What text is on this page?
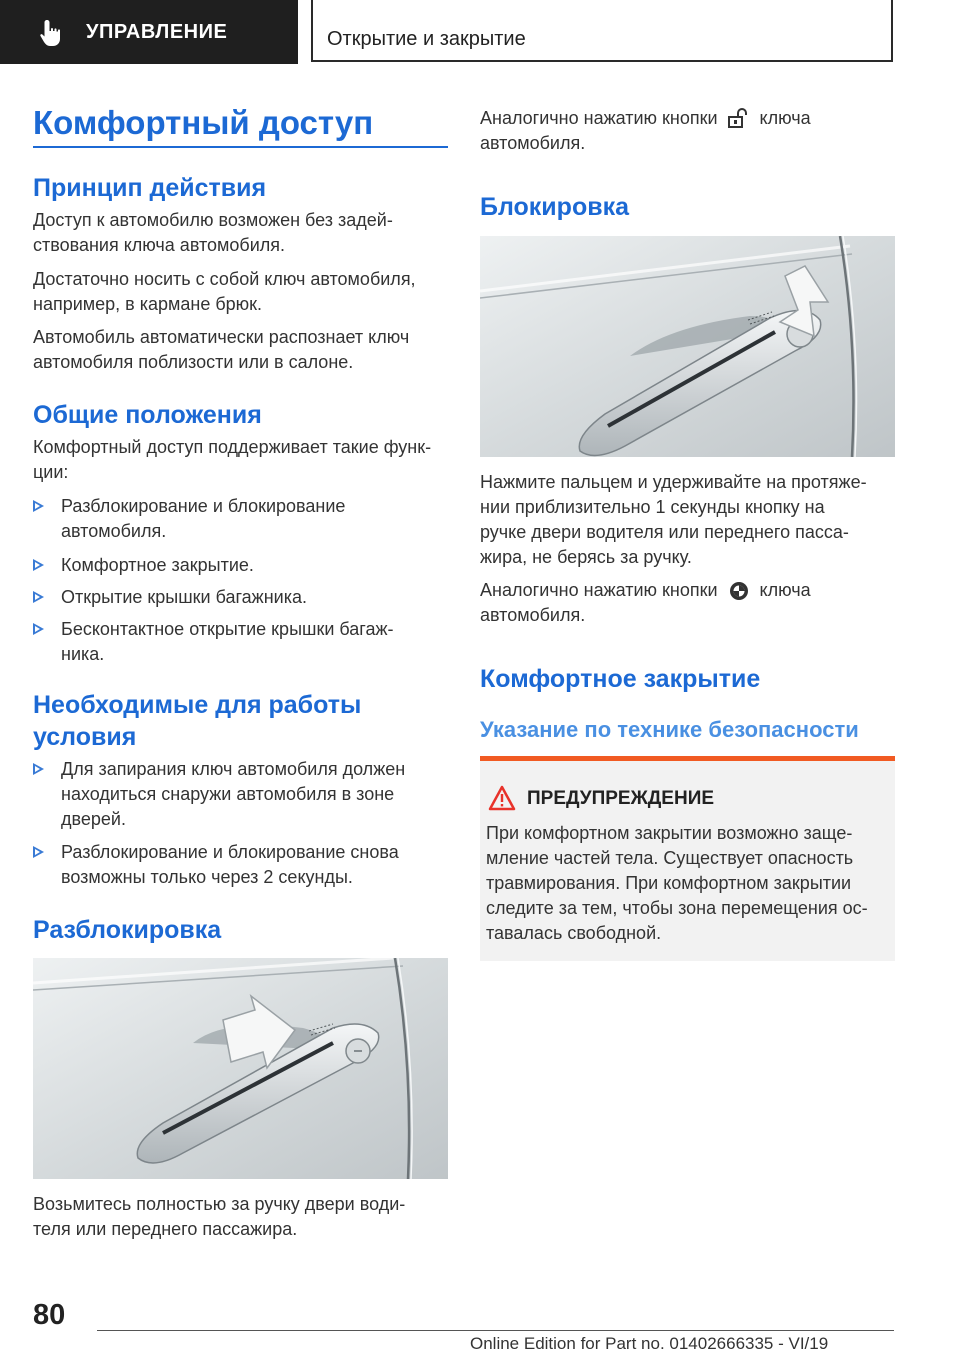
УПРАВЛЕНИЕ	Открытие и закрытие
Комфортный доступ
Принцип действия
Доступ к автомобилю возможен без задей-
ствования ключа автомобиля.
Достаточно носить с собой ключ автомобиля,
например, в кармане брюк.
Автомобиль автоматически распознает ключ
автомобиля поблизости или в салоне.
Общие положения
Комфортный доступ поддерживает такие функ-
ции:
Разблокирование и блокирование
автомобиля.
Комфортное закрытие.
Открытие крышки багажника.
Бесконтактное открытие крышки багаж-
ника.
Необходимые для работы
условия
Для запирания ключ автомобиля должен
находиться снаружи автомобиля в зоне
дверей.
Разблокирование и блокирование снова
возможны только через 2 секунды.
Разблокировка
Возьмитесь полностью за ручку двери води-
теля или переднего пассажира.
Аналогично нажатию кнопки ключа
автомобиля.
Блокировка
Нажмите пальцем и удерживайте на протяже-
нии приблизительно 1 секунды кнопку на
ручке двери водителя или переднего пасса-
жира, не берясь за ручку.
Аналогично нажатию кнопки ключа
автомобиля.
Комфортное закрытие
Указание по технике безопасности
ПРЕДУПРЕЖДЕНИЕ
При комфортном закрытии возможно заще-
мление частей тела. Существует опасность
травмирования. При комфортном закрытии
следите за тем, чтобы зона перемещения ос-
тавалась свободной.
80
Online Edition for Part no. 01402666335 - VI/19
